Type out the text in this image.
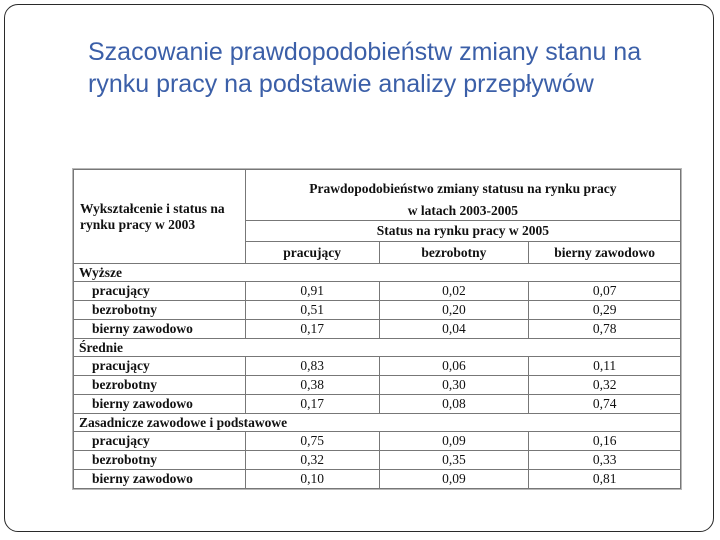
Szacowanie prawdopodobieństw zmiany stanu na rynku pracy na podstawie analizy przepływów
Wykształcenie i status na rynku pracy w 2003	Prawdopodobieństwo zmiany statusu na rynku pracy
w latach 2003-2005		

	Status na rynku pracy w 2005		
	pracujący	bezrobotny	bierny zawodowo
Wyższe			
pracujący	0,91	0,02	0,07
bezrobotny	0,51	0,20	0,29
bierny zawodowo	0,17	0,04	0,78
Średnie			
pracujący	0,83	0,06	0,11
bezrobotny	0,38	0,30	0,32
bierny zawodowo	0,17	0,08	0,74
Zasadnicze zawodowe i podstawowe			
pracujący	0,75	0,09	0,16
bezrobotny	0,32	0,35	0,33
bierny zawodowo	0,10	0,09	0,81
